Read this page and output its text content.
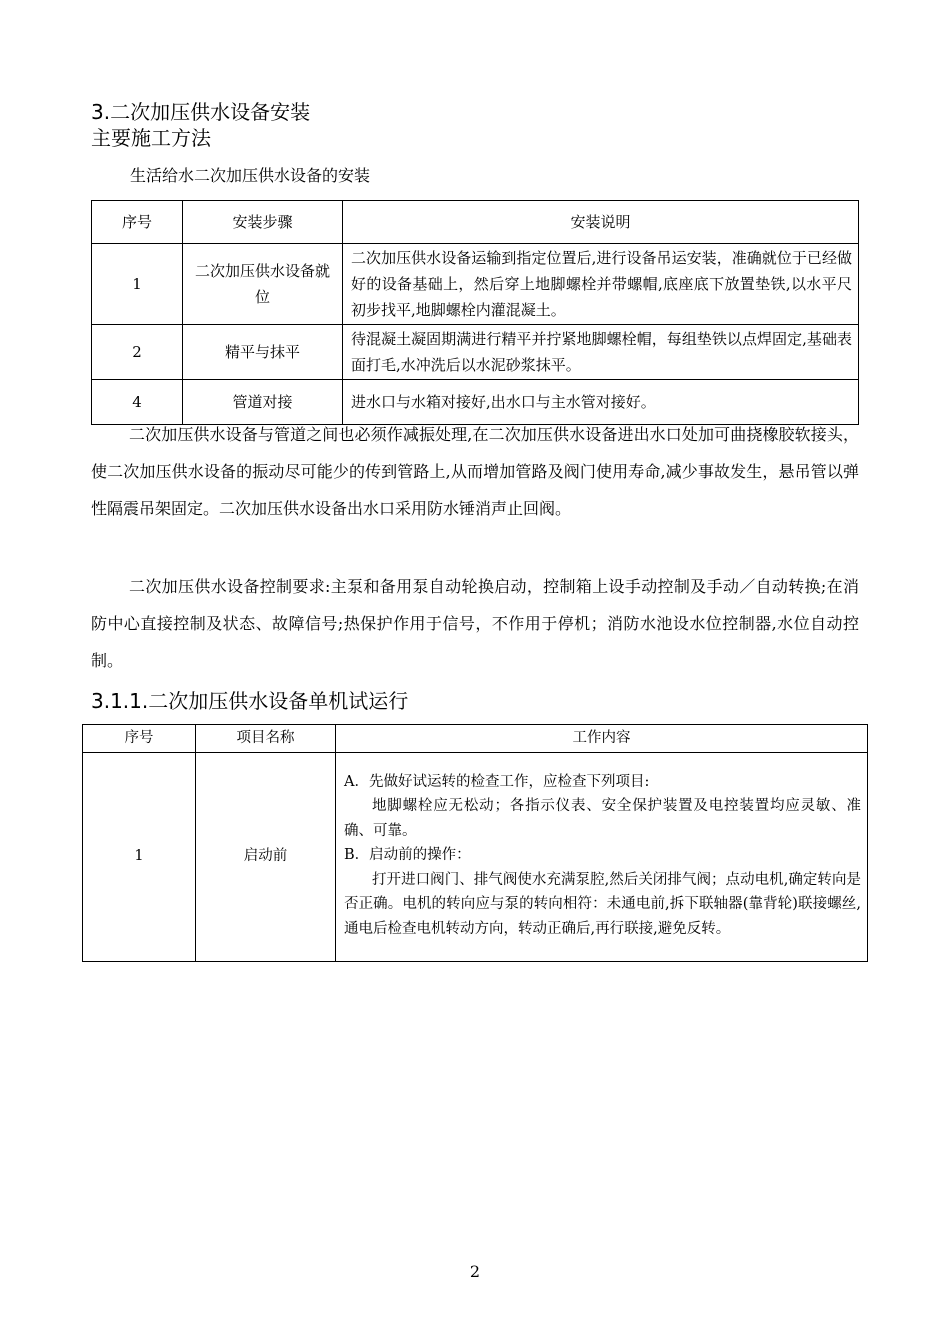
3.二次加压供水设备安装
主要施工方法
生活给水二次加压供水设备的安装
序号	安装步骤	安装说明
1	二次加压供水设备就位	二次加压供水设备运输到指定位置后,进行设备吊运安装，准确就位于已经做好的设备基础上，然后穿上地脚螺栓并带螺帽,底座底下放置垫铁,以水平尺初步找平,地脚螺栓内灌混凝土。
2	精平与抹平	待混凝土凝固期满进行精平并拧紧地脚螺栓帽，每组垫铁以点焊固定,基础表面打毛,水冲洗后以水泥砂浆抹平。
4	管道对接	进水口与水箱对接好,出水口与主水管对接好。

二次加压供水设备与管道之间也必须作减振处理,在二次加压供水设备进出水口处加可曲挠橡胶软接头，使二次加压供水设备的振动尽可能少的传到管路上,从而增加管路及阀门使用寿命,减少事故发生，悬吊管以弹性隔震吊架固定。二次加压供水设备出水口采用防水锤消声止回阀。

二次加压供水设备控制要求:主泵和备用泵自动轮换启动，控制箱上设手动控制及手动／自动转换;在消防中心直接控制及状态、故障信号;热保护作用于信号，不作用于停机；消防水池设水位控制器,水位自动控制。

3.1.1.二次加压供水设备单机试运行
序号	项目名称	工作内容
1	启动前	A．先做好试运转的检查工作，应检查下列项目:
地脚螺栓应无松动；各指示仪表、安全保护装置及电控装置均应灵敏、准确、可靠。
B．启动前的操作：
打开进口阀门、排气阀使水充满泵腔,然后关闭排气阀；点动电机,确定转向是否正确。电机的转向应与泵的转向相符：未通电前,拆下联轴器(靠背轮)联接螺丝,通电后检查电机转动方向，转动正确后,再行联接,避免反转。
2
